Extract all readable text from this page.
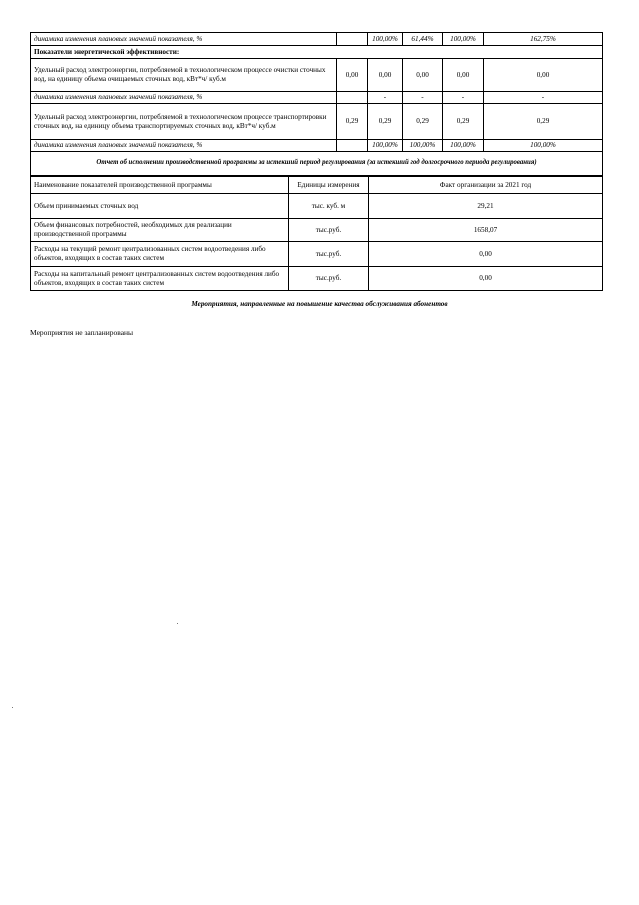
динамика изменения плановых значений показателя, %		100,00%	61,44%	100,00%	162,75%
Показатели энергетической эффективности:					
Удельный расход электроэнергии, потребляемой в технологическом процессе очистки сточных вод, на единицу объема очищаемых сточных вод, кВт*ч/ куб.м	0,00	0,00	0,00	0,00	0,00
динамика изменения плановых значений показателя, %		-	-	-	-
Удельный расход электроэнергии, потребляемой в технологическом процессе транспортировки сточных вод, на единицу объема транспортируемых сточных вод, кВт*ч/ куб.м	0,29	0,29	0,29	0,29	0,29
динамика изменения плановых значений показателя, %		100,00%	100,00%	100,00%	100,00%
Отчет об исполнении производственной программы за истекший период регулирования (за истекший год долгосрочного периода регулирования)					
Наименование показателей производственной программы	Единицы измерения	Факт организации за 2021 год
Объем принимаемых сточных вод	тыс. куб. м	29,21
Объем финансовых потребностей, необходимых для реализации производственной программы	тыс.руб.	1658,07
Расходы на текущий ремонт централизованных систем водоотведения либо объектов, входящих в состав таких систем	тыс.руб.	0,00
Расходы на капитальный ремонт централизованных систем водоотведения либо объектов, входящих в состав таких систем	тыс.руб.	0,00
Мероприятия, направленные на повышение качества обслуживания абонентов
Мероприятия не запланированы
